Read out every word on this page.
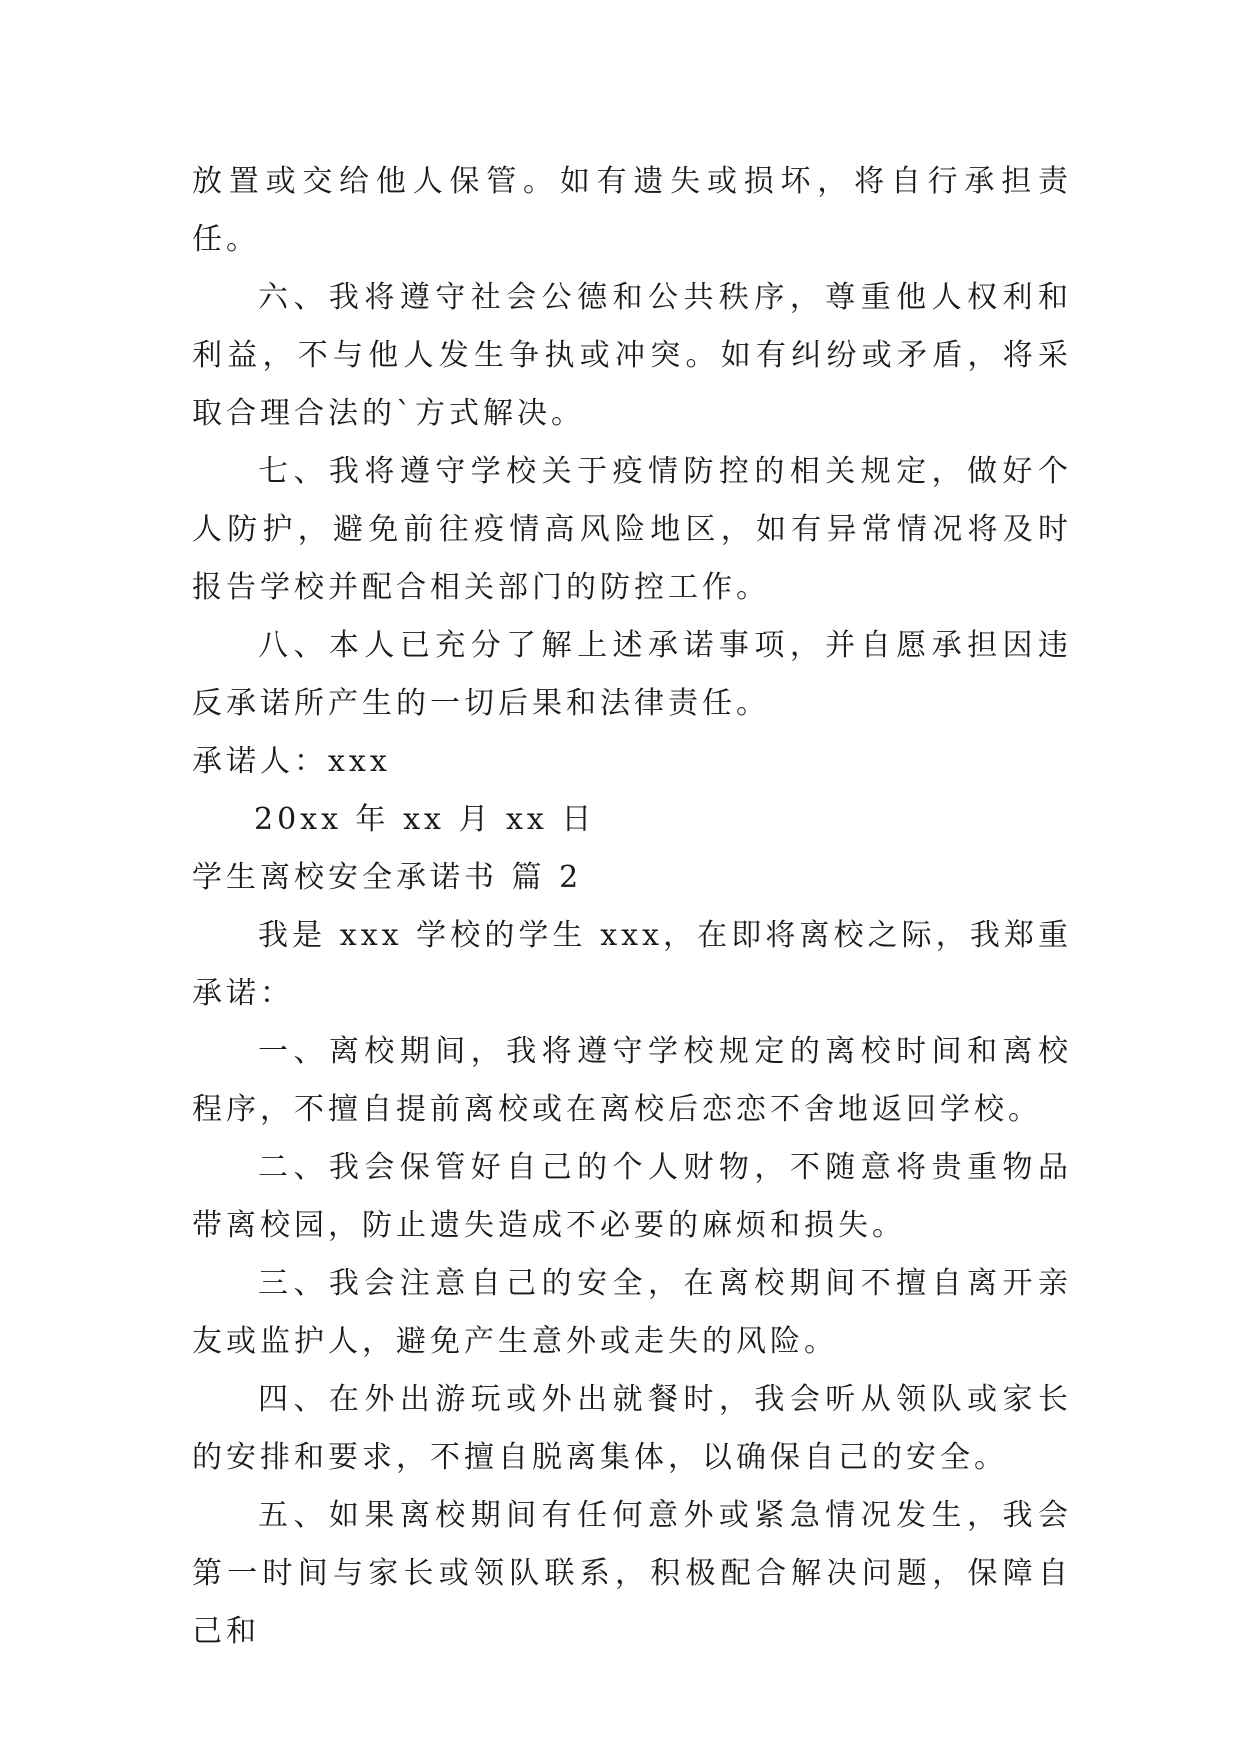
放置或交给他人保管。如有遗失或损坏，将自行承担责任。

六、我将遵守社会公德和公共秩序，尊重他人权利和利益，不与他人发生争执或冲突。如有纠纷或矛盾，将采取合理合法的`方式解决。

七、我将遵守学校关于疫情防控的相关规定，做好个人防护，避免前往疫情高风险地区，如有异常情况将及时报告学校并配合相关部门的防控工作。

八、本人已充分了解上述承诺事项，并自愿承担因违反承诺所产生的一切后果和法律责任。

承诺人：xxx

20xx 年 xx 月 xx 日

学生离校安全承诺书 篇 2

我是 xxx 学校的学生 xxx，在即将离校之际，我郑重承诺：

一、离校期间，我将遵守学校规定的离校时间和离校程序，不擅自提前离校或在离校后恋恋不舍地返回学校。

二、我会保管好自己的个人财物，不随意将贵重物品带离校园，防止遗失造成不必要的麻烦和损失。

三、我会注意自己的安全，在离校期间不擅自离开亲友或监护人，避免产生意外或走失的风险。

四、在外出游玩或外出就餐时，我会听从领队或家长的安排和要求，不擅自脱离集体，以确保自己的安全。

五、如果离校期间有任何意外或紧急情况发生，我会第一时间与家长或领队联系，积极配合解决问题，保障自己和
